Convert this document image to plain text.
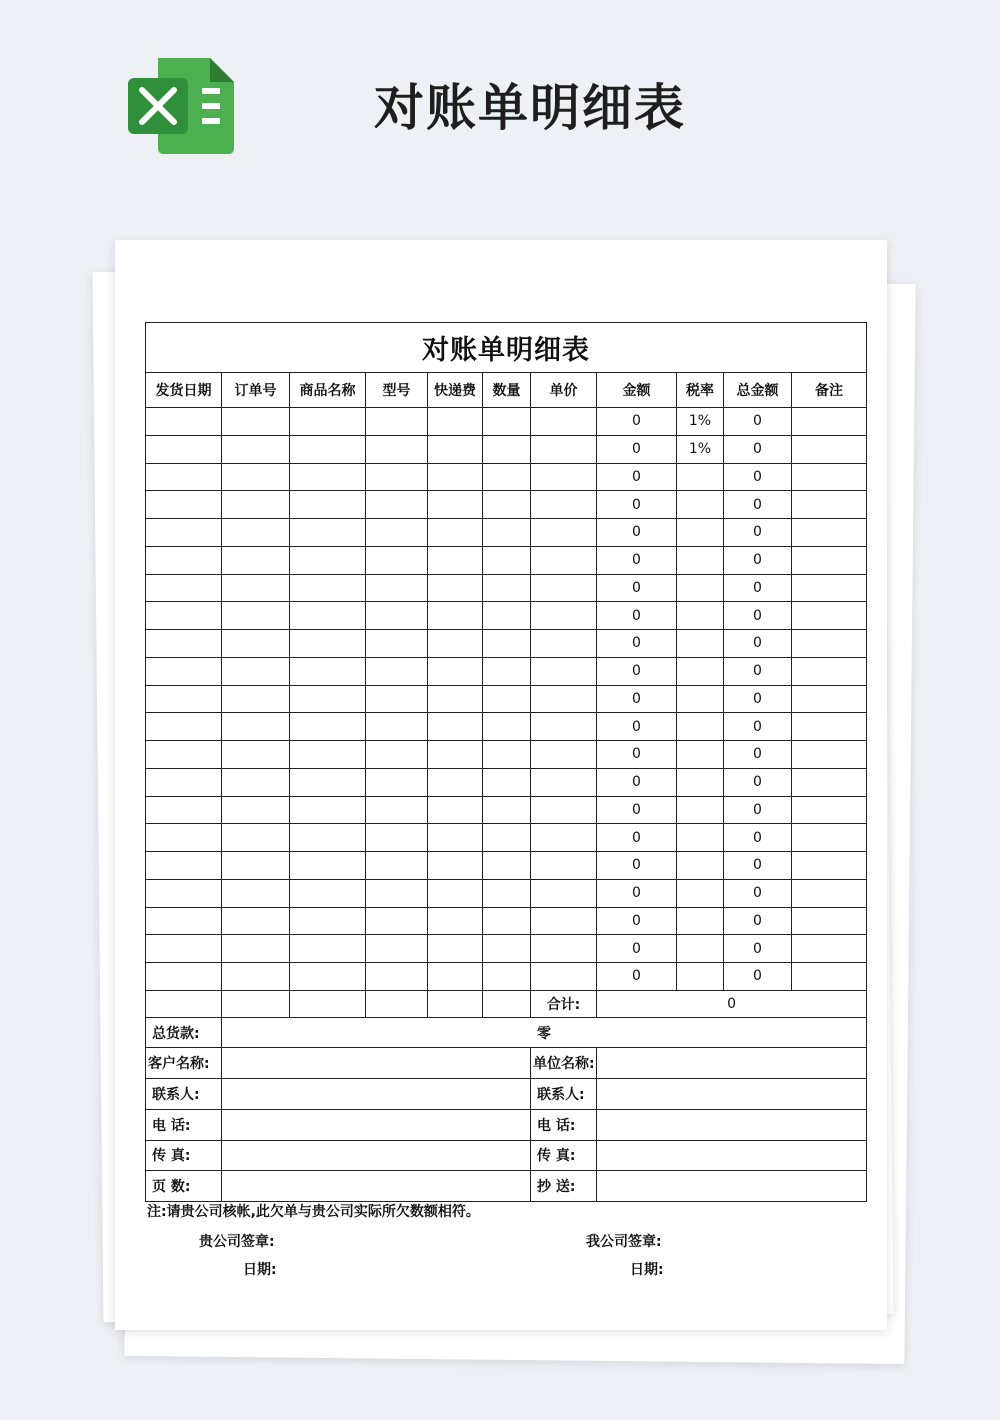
对账单明细表
对账单明细表										
发货日期	订单号	商品名称	型号	快递费	数量	单价	金额	税率	总金额	备注
							0	1%	0	
							0	1%	0	
							0		0	
							0		0	
							0		0	
							0		0	
							0		0	
							0		0	
							0		0	
							0		0	
							0		0	
							0		0	
							0		0	
							0		0	
							0		0	
							0		0	
							0		0	
							0		0	
							0		0	
							0		0	
							0		0	
						合计:	0			
总货款:	零									
客户名称:						单位名称:				
联系人:						联系人:				
电 话:						电 话:				
传 真:						传 真:				
页 数:						抄 送:				
注:请贵公司核帐,此欠单与贵公司实际所欠数额相符。
贵公司签章:
日期:
我公司签章:
日期:
